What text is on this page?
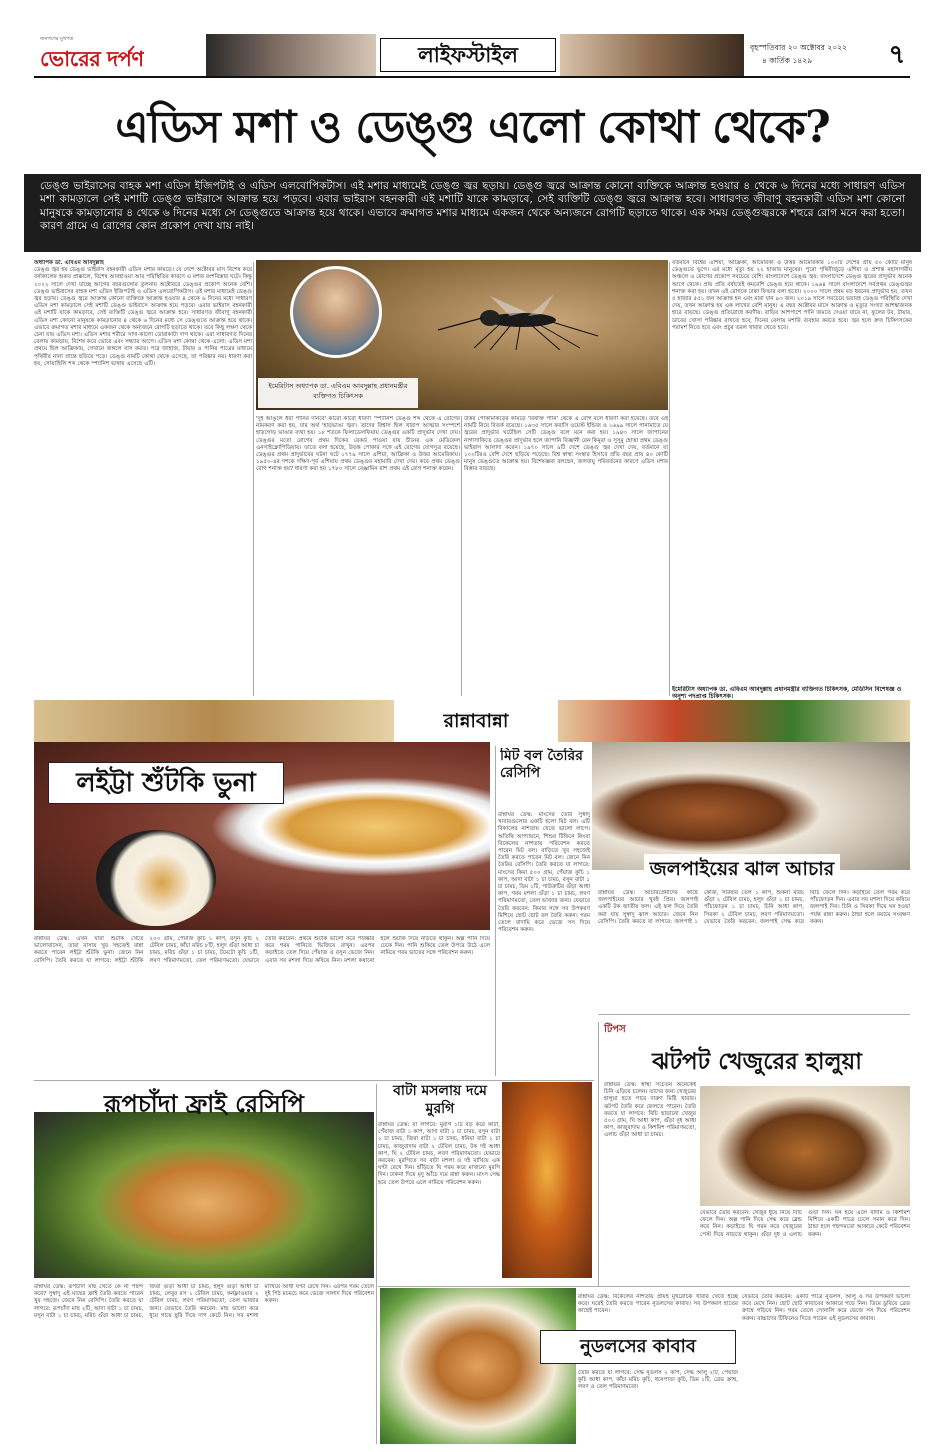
জনগণের মুখপত্র
ভোরের দর্পণ	লাইফস্টাইল	বৃহস্পতিবার ২০ অক্টোবর ২০২২
৪ কার্তিক ১৪২৯	৭
এডিস মশা ও ডেঙ্গু এলো কোথা থেকে?
ডেঙ্গু ভাইরাসের বাহক মশা এডিস ইজিপটাই ও এডিস এলবোপিকটাস। এই মশার মাধ্যমেই ডেঙ্গু জ্বর ছড়ায়। ডেঙ্গু জ্বরে আক্রান্ত কোনো ব্যক্তিকে আক্রান্ত হওয়ার ৪ থেকে ৬ দিনের মধ্যে সাধারণ এডিস মশা কামড়ালে সেই মশাটি ডেঙ্গু ভাইরাসে আক্রান্ত হয়ে পড়বে। এবার ভাইরাস বহনকারী এই মশাটি যাকে কামড়াবে, সেই ব্যক্তিটি ডেঙ্গু জ্বরে আক্রান্ত হবে। সাধারণত জীবাণু বহনকারী এডিস মশা কোনো মানুষকে কামড়ানোর ৪ থেকে ৬ দিনের মধ্যে সে ডেঙ্গুতে আক্রান্ত হয়ে থাকে। এভাবে ক্রমাগত মশার মাধ্যমে একজন থেকে অন্যজনে রোগটি ছড়াতে থাকে। এক সময় ডেঙ্গুজ্বরকে শহুরে রোগ মনে করা হতো। কারণ গ্রামে এ রোগের কোন প্রকোপ দেখা যায় নাই।
অধ্যাপক ডা. এবিএম আবদুল্লাহ
ডেঙ্গু জ্বর হয় ডেঙ্গু ভাইরাস বহনকারী এডিস মশার কামড়ে। যে দেশে অক্টোবর মাস বিশেষ করে বর্ষাকালের শুরুর প্রাক্কালে, বিশেষ আবহাওয়া আর পরিস্থিতির কারণে এ মশার বংশবিস্তার ঘটে। কিন্তু ২০২২ সালে দেখা যাচ্ছে আগের বছরগুলোর তুলনায় অক্টোবরে ডেঙ্গুর প্রকোপ অনেক বেশি। ডেঙ্গু ভাইরাসের বাহক মশা এডিস ইজিপটাই ও এডিস এলবোপিকটাস। এই মশার মাধ্যমেই ডেঙ্গু জ্বর ছড়ায়। ডেঙ্গু জ্বরে আক্রান্ত কোনো ব্যক্তিকে আক্রান্ত হওয়ার ৪ থেকে ৬ দিনের মধ্যে সাধারণ এডিস মশা কামড়ালে সেই মশাটি ডেঙ্গু ভাইরাসে আক্রান্ত হয়ে পড়বে। এবার ভাইরাস বহনকারী এই মশাটি যাকে কামড়াবে, সেই ব্যক্তিটি ডেঙ্গু জ্বরে আক্রান্ত হবে। সাধারণত জীবাণু বহনকারী এডিস মশা কোনো মানুষকে কামড়ানোর ৪ থেকে ৬ দিনের মধ্যে সে ডেঙ্গুতে আক্রান্ত হয়ে থাকে। এভাবে ক্রমাগত মশার মাধ্যমে একজন থেকে অন্যজনে রোগটি ছড়াতে থাকে। তবে কিছু লক্ষণ থেকে চেনা যায় এডিস মশা। এডিস মশার শরীরে সাদা-কালো ডোরাকাটা দাগ থাকে। এরা সাধারণত দিনের বেলায় কামড়ায়, বিশেষ করে ভোরে এবং সন্ধ্যার আগে। এডিস মশা কোথা থেকে এলো: এডিস মশা প্রথমে ছিল আফ্রিকায়, সেখানে জঙ্গলে বাস করত। পরে জাহাজ, টায়ার ও পানির পাত্রের মাধ্যমে পৃথিবীর নানা প্রান্তে ছড়িয়ে পড়ে। ডেঙ্গু নামটি কোথা থেকে এসেছে, তা পরিষ্কার নয়। ধারণা করা হয়, সোয়াহিলি শব্দ থেকে স্প্যানিশ ভাষায় এসেছে এটি।
ইমেরিটাস অধ্যাপক ডা. এবিএম আবদুল্লাহ প্রধানমন্ত্রীর ব্যক্তিগত চিকিৎসক
'দুই আঙুলে ধরা পানির দানবে' কারো কারো ধারণা 'স্প্যানিশ ডেঙ্গু শব্দ থেকে এ রোগের নামকরণ করা হয়, যার অর্থ 'হাড়ভাঙা জ্বর'। তাদের বিশ্বাস ছিল খারাপ আত্মার সংস্পর্শে হাড়গোড় ভাঙার ব্যথা হয়। ১৮ শতকে ফিলাডেলফিয়ায় ডেঙ্গুর একটি প্রাদুর্ভাব দেখা দেয়। ডেঙ্গুর মতো রোগের প্রথম দিকের রেকর্ড পাওয়া যায় চীনের এক মেডিকেল এনসাইক্লোপিডিয়ায়। তাতে বলা হয়েছে, উড়ন্ত পোকার সঙ্গে এই রোগের যোগসূত্র রয়েছে। ডেঙ্গুর প্রথম প্রাদুর্ভাবের ঘটনা ঘটে ১৭৭৯ সালে এশিয়া, আফ্রিকা ও উত্তর আমেরিকায়। ১৯৫০-এর দশকে দক্ষিণ-পূর্ব এশিয়ায় প্রথম ডেঙ্গুর মহামারি দেখা দেয়। কবে প্রথম ডেঙ্গু রোগ শনাক্ত হয়? ধারণা করা হয় ১৭৮০ সালে বেঞ্জামিন রাশ প্রথম এই রোগ শনাক্ত করেন।
উত্তর পোকামাকড়ের কামড়ে 'বিষাক্ত পানি' থেকে এ রোগ বলে ধারণা করা হয়েছে। তবে এই নামটি নিয়ে বিতর্ক রয়েছে। ১৬৩৫ সালে ফরাসি ওয়েস্ট ইন্ডিজ ও ১৬৯৯ সালে পানামাতে যে জ্বরের প্রাদুর্ভাব ঘটেছিল সেটি ডেঙ্গু বলে মনে করা হয়। ১৯৪৩ সালে জাপানের নাগাসাকিতে ডেঙ্গুর প্রাদুর্ভাব হলে জাপানি বিজ্ঞানী রেন কিমুরা ও সুসুমু হোত্তা প্রথম ডেঙ্গু ভাইরাস আলাদা করেন। ১৯৭০ সালে ৯টি দেশে ডেঙ্গু জ্বর দেখা দেয়, বর্তমানে যা ১০০টিরও বেশি দেশে ছড়িয়ে পড়েছে। বিশ্ব স্বাস্থ্য সংস্থার হিসাবে প্রতি বছর প্রায় ৪০ কোটি মানুষ ডেঙ্গুতে আক্রান্ত হয়। বিশেষজ্ঞরা বলছেন, জলবায়ু পরিবর্তনের কারণে এডিস মশার বিস্তার বাড়ছে।
বর্তমানে বিশ্বের এশিয়া, আফ্রিকা, আমেরিকা ও উত্তর আমেরিকার ১০০টি দেশের প্রায় ৫০ কোটি মানুষ ডেঙ্গুতে ভুগে। এর মধ্যে মৃত্যু হয় ২২ হাজার মানুষের। পুরো পৃথিবীজুড়ে এশিয়া ও প্রশান্ত মহাসাগরীয় অঞ্চলে এ রোগের প্রকোপ সবচেয়ে বেশি। বাংলাদেশে ডেঙ্গু জ্বর: বাংলাদেশে ডেঙ্গু জ্বরের প্রাদুর্ভাব অনেক আগে থেকে। প্রায় প্রতি বর্ষাতেই কমবেশি ডেঙ্গু হয়ে থাকে। ১৯৬৪ সালে বাংলাদেশে সর্বপ্রথম ডেঙ্গুজ্বর শনাক্ত করা হয়। তখন এই রোগকে ঢাকা ফিভার বলা হতো। ২০০০ সালে প্রথম বড় ধরনের প্রাদুর্ভাব হয়, তখন ৫ হাজার ৫৫১ জন আক্রান্ত হন এবং মারা যান ৯৩ জন। ২০১৯ সালে সবচেয়ে ভয়াবহ ডেঙ্গু পরিস্থিতি দেখা দেয়, তখন আক্রান্ত হয় এক লাখের বেশি মানুষ। এ বছর অক্টোবর মাসে আক্রান্ত ও মৃত্যুর সংখ্যা আশঙ্কাজনক হারে বাড়ছে। ডেঙ্গু প্রতিরোধে করণীয়: বাড়ির আশপাশে পানি জমতে দেওয়া যাবে না, ফুলের টব, টায়ার, ডাবের খোসা পরিষ্কার রাখতে হবে, দিনের বেলায় মশারি ব্যবহার করতে হবে। জ্বর হলে দ্রুত চিকিৎসকের পরামর্শ নিতে হবে এবং প্রচুর তরল খাবার খেতে হবে।
ইমেরিটাস অধ্যাপক ডা. এবিএম আবদুল্লাহ প্রধানমন্ত্রীর ব্যক্তিগত চিকিৎসক, মেডিসিন বিশেষজ্ঞ ও অনুশ্য পদপ্রাপ্ত চিকিৎসক।
রান্নাবান্না
লইট্টা শুঁটকি ভুনা
রান্নাঘর ডেস্ক: এখন যারা শুঁটকি খেতে ভালোবাসেন, তারা বাসায় খুব সহজেই রান্না করতে পারেন লইট্টা শুঁটকি ভুনা। জেনে নিন রেসিপি। তৈরি করতে যা লাগবে: লইট্টা শুঁটকি ২০০ গ্রাম, পেঁয়াজ কুচি ১ কাপ, রসুন কুচি ২ টেবিল চামচ, কাঁচা মরিচ ৮টি, হলুদ গুঁড়া আধা চা চামচ, মরিচ গুঁড়া ১ চা চামচ, টমেটো কুচি ১টি, লবণ পরিমাণমতো, তেল পরিমাণমতো। যেভাবে তৈরি করবেন: প্রথমে শুঁটকি ভালো করে পরিষ্কার করে গরম পানিতে ভিজিয়ে রাখুন। এরপর কড়াইতে তেল দিয়ে পেঁয়াজ ও রসুন ভেজে নিন। এবার সব মশলা দিয়ে কষিয়ে নিন। মশলা কষানো হলে শুঁটকি দিয়ে নাড়তে থাকুন। অল্প পানি দিয়ে ঢেকে দিন। পানি শুকিয়ে তেল উপরে উঠে এলে নামিয়ে গরম ভাতের সঙ্গে পরিবেশন করুন।
মিট বল তৈরির রেসিপি
রান্নাঘর ডেস্ক: মাংসের তৈরি সুস্বাদু খাবারগুলোর একটি হলো মিট বল। এটি বিকালের নাশতায় খেতে ভালো লাগে। অতিথি আপ্যায়নে, শিশুর টিফিনে কিংবা বিকেলের নাশতায় পরিবেশন করতে পারেন মিট বল। বাড়িতে খুব সহজেই তৈরি করতে পারেন মিট বল। জেনে নিন তৈরির রেসিপি। তৈরি করতে যা লাগবে: মাংসের কিমা ৫০০ গ্রাম, পেঁয়াজ কুচি ১ কাপ, আদা বাটা ১ চা চামচ, রসুন বাটা ১ চা চামচ, ডিম ১টি, পাউরুটির গুঁড়া আধা কাপ, গরম মশলা গুঁড়া ১ চা চামচ, লবণ পরিমাণমতো, তেল ভাজার জন্য। যেভাবে তৈরি করবেন: কিমার সঙ্গে সব উপকরণ মিশিয়ে ছোট ছোট বল তৈরি করুন। গরম তেলে বাদামি করে ভেজে সস দিয়ে পরিবেশন করুন।
জলপাইয়ের ঝাল আচার
রান্নাঘর ডেস্ক: আচারপ্রেমীদের কাছে জলপাইয়ের আচার খুবই প্রিয়। জলপাই একটি টক জাতীয় ফল। এই ফল দিয়ে তৈরি করা যায় সুস্বাদু ঝাল আচার। জেনে নিন রেসিপি। তৈরি করতে যা লাগবে: জলপাই ১ কেজি, সরিষার তেল ১ কাপ, শুকনা মরিচ গুঁড়া ২ টেবিল চামচ, হলুদ গুঁড়া ১ চা চামচ, পাঁচফোড়ন ১ চা চামচ, চিনি আধা কাপ, সিরকা ২ টেবিল চামচ, লবণ পরিমাণমতো। যেভাবে তৈরি করবেন: জলপাই সেদ্ধ করে বিচি ফেলে দিন। কড়াইয়ে তেল গরম করে পাঁচফোড়ন দিন। এবার সব মশলা দিয়ে কষিয়ে জলপাই দিন। চিনি ও সিরকা দিয়ে ঘন হওয়া পর্যন্ত রান্না করুন। ঠান্ডা হলে বয়ামে সংরক্ষণ করুন।
রূপচাঁদা ফ্রাই রেসিপি
রান্নাঘর ডেস্ক: রূপচাঁদা মাছ খেতে কে না পছন্দ করে? সুস্বাদু এই মাছের ফ্রাই তৈরি করতে পারেন খুব সহজে। জেনে নিন রেসিপি। তৈরি করতে যা লাগবে: রূপচাঁদা মাছ ২টি, আদা বাটা ১ চা চামচ, রসুন বাটা ১ চা চামচ, মরিচ গুঁড়া আধা চা চামচ, জিরা গুঁড়া আধা চা চামচ, হলুদ গুঁড়া আধা চা চামচ, লেবুর রস ১ টেবিল চামচ, কর্নফ্লাওয়ার ২ টেবিল চামচ, লবণ পরিমাণমতো, তেল ভাজার জন্য। যেভাবে তৈরি করবেন: মাছ ভালো করে ধুয়ে গায়ে ছুরি দিয়ে দাগ কেটে নিন। সব মশলা মাখিয়ে আধা ঘণ্টা রেখে দিন। এরপর গরম তেলে দুই পিঠ মচমচে করে ভেজে সালাদ দিয়ে পরিবেশন করুন।
বাটা মসলায় দমে মুরগি
রান্নাঘর ডেস্ক: যা লাগবে: মুরগি ১টি বড় করে কাটা, পেঁয়াজ বাটা ১ কাপ, আদা বাটা ১ চা চামচ, রসুন বাটা ১ চা চামচ, জিরা বাটা ১ চা চামচ, ধনিয়া বাটা ১ চা চামচ, কাজুবাদাম বাটা ২ টেবিল চামচ, টক দই আধা কাপ, ঘি ২ টেবিল চামচ, লবণ পরিমাণমতো। যেভাবে করবেন: মুরগিতে সব বাটা মশলা ও দই মাখিয়ে এক ঘণ্টা রেখে দিন। হাঁড়িতে ঘি গরম করে মাখানো মুরগি দিন। ঢাকনা দিয়ে মৃদু আঁচে দমে রান্না করুন। মাংস সেদ্ধ হয়ে তেল উপরে এলে নামিয়ে পরিবেশন করুন।
টিপস
ঝটপট খেজুরের হালুয়া
রান্নাঘর ডেস্ক: স্বাস্থ্য সচেতন অনেকেই চিনি এড়িয়ে চলেন। তাদের জন্য খেজুরের হালুয়া হতে পারে দারুণ মিষ্টি খাবার। ঝটপট তৈরি করে ফেলতে পারেন। তৈরি করতে যা লাগবে: বিচি ছাড়ানো খেজুর ৫০০ গ্রাম, ঘি আধা কাপ, গুঁড়া দুধ আধা কাপ, কাজুবাদাম ও কিশমিশ পরিমাণমতো, এলাচ গুঁড়া আধা চা চামচ।
যেভাবে তৈরি করবেন: খেজুর ধুয়ে নিয়ে বিচি ফেলে দিন। অল্প পানি দিয়ে সেদ্ধ করে ব্লেন্ড করে নিন। কড়াইতে ঘি গরম করে খেজুরের পেস্ট দিয়ে নাড়তে থাকুন। গুঁড়া দুধ ও এলাচ গুঁড়া দিন। ঘন হয়ে এলে বাদাম ও কিশমিশ মিশিয়ে একটি পাত্রে ঢেলে সমান করে দিন। ঠান্ডা হলে পছন্দমতো আকারে কেটে পরিবেশন করুন।
রান্নাঘর ডেস্ক: বিকেলের নাশতায় প্রায়ই মুখরোচক খাবার খেতে ইচ্ছে করে। ঘরেই তৈরি করতে পারেন নুডলসের কাবাব। সব উপকরণ হাতের কাছেই পাবেন।
নুডলসের কাবাব
তৈরি করতে যা লাগবে: সেদ্ধ নুডলস ২ কাপ, সেদ্ধ আলু ২টি, পেঁয়াজ কুচি আধা কাপ, কাঁচা মরিচ কুচি, ধনেপাতা কুচি, ডিম ১টি, ব্রেড ক্রাম্ব, লবণ ও তেল পরিমাণমতো।
যেভাবে তৈরি করবেন: একটি পাত্রে নুডলস, আলু ও সব উপকরণ ভালো করে মেখে নিন। ছোট ছোট কাবাবের আকারে গড়ে নিন। ডিমে ডুবিয়ে ব্রেড ক্রাম্বে গড়িয়ে নিন। গরম তেলে সোনালি করে ভেজে সস দিয়ে পরিবেশন করুন। বাচ্চাদের টিফিনেও দিতে পারেন এই নুডলসের কাবাব।
